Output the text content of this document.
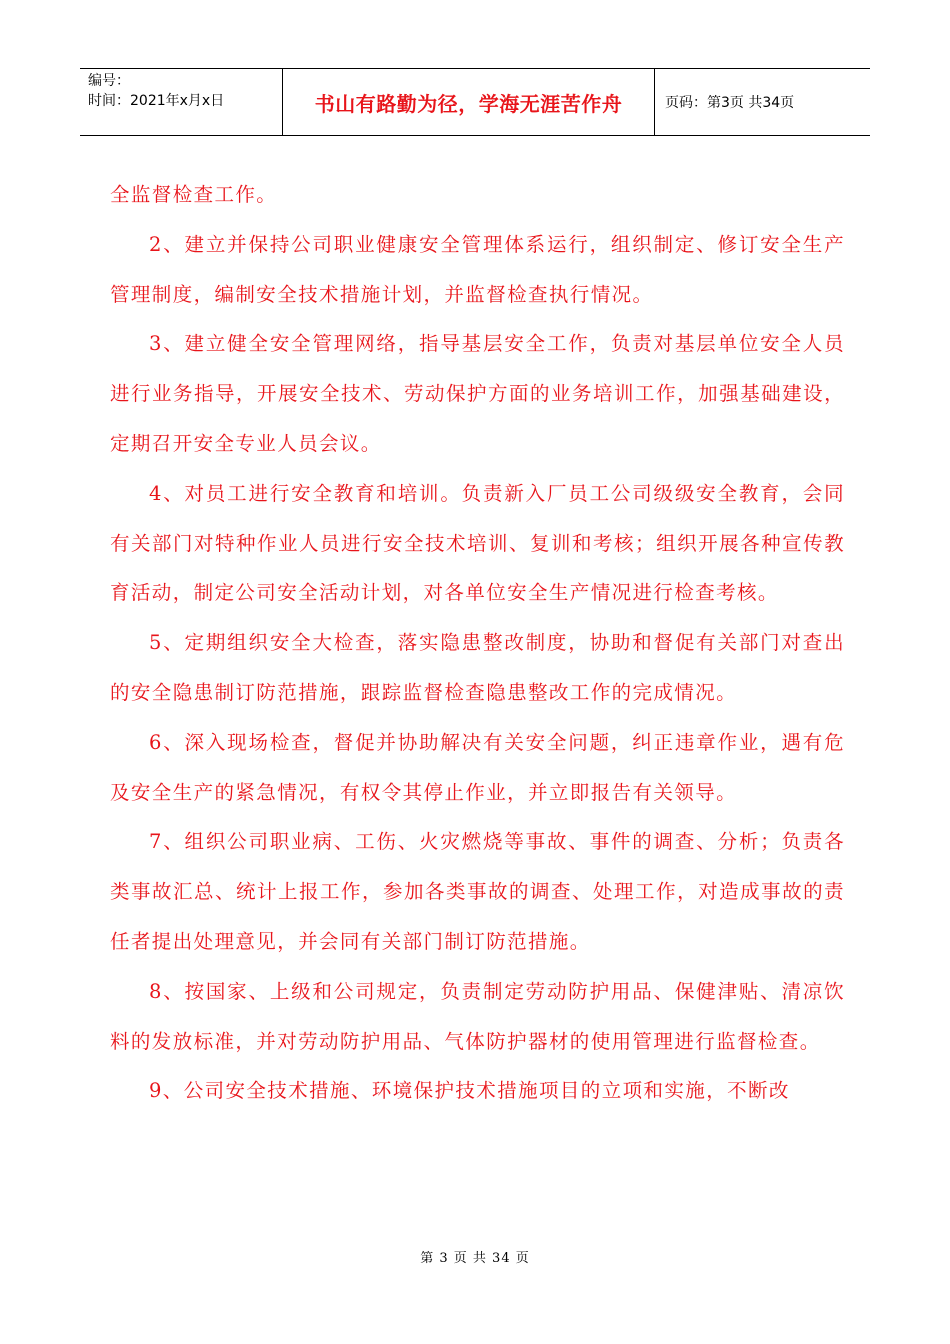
编号：
时间：2021年x月x日	书山有路勤为径，学海无涯苦作舟	页码：第3页 共34页

全监督检查工作。

2、建立并保持公司职业健康安全管理体系运行，组织制定、修订安全生产管理制度，编制安全技术措施计划，并监督检查执行情况。

3、建立健全安全管理网络，指导基层安全工作，负责对基层单位安全人员进行业务指导，开展安全技术、劳动保护方面的业务培训工作，加强基础建设，定期召开安全专业人员会议。

4、对员工进行安全教育和培训。负责新入厂员工公司级级安全教育，会同有关部门对特种作业人员进行安全技术培训、复训和考核；组织开展各种宣传教育活动，制定公司安全活动计划，对各单位安全生产情况进行检查考核。

5、定期组织安全大检查，落实隐患整改制度，协助和督促有关部门对查出的安全隐患制订防范措施，跟踪监督检查隐患整改工作的完成情况。

6、深入现场检查，督促并协助解决有关安全问题，纠正违章作业，遇有危及安全生产的紧急情况，有权令其停止作业，并立即报告有关领导。

7、组织公司职业病、工伤、火灾燃烧等事故、事件的调查、分析；负责各类事故汇总、统计上报工作，参加各类事故的调查、处理工作，对造成事故的责任者提出处理意见，并会同有关部门制订防范措施。

8、按国家、上级和公司规定，负责制定劳动防护用品、保健津贴、清凉饮料的发放标准，并对劳动防护用品、气体防护器材的使用管理进行监督检查。

9、公司安全技术措施、环境保护技术措施项目的立项和实施，不断改

第 3 页 共 34 页
